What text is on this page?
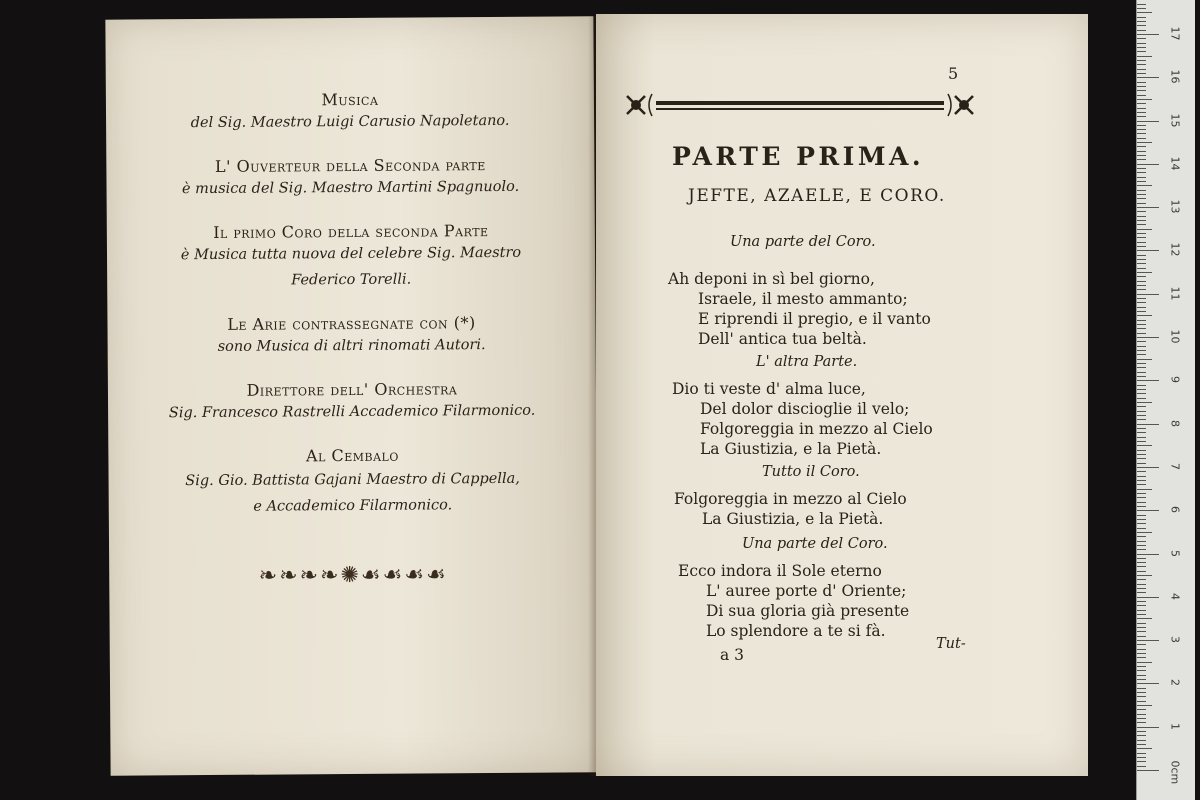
Musica
del Sig. Maestro Luigi Carusio Napoletano.
L' Ouverteur della Seconda parte
è musica del Sig. Maestro Martini Spagnuolo.
Il primo Coro della seconda Parte
è Musica tutta nuova del celebre Sig. Maestro
Federico Torelli.
Le Arie contrassegnate con (*)
sono Musica di altri rinomati Autori.
Direttore dell' Orchestra
Sig. Francesco Rastrelli Accademico Filarmonico.
Al Cembalo
Sig. Gio. Battista Gajani Maestro di Cappella,
e Accademico Filarmonico.
❧❧❧❧✺☙☙☙☙
5
PARTE PRIMA.
JEFTE, AZAELE, E CORO.
Una parte del Coro.
Ah deponi in sì bel giorno,
Israele, il mesto ammanto;
E riprendi il pregio, e il vanto
Dell' antica tua beltà.
L' altra Parte.
Dio ti veste d' alma luce,
Del dolor discioglie il velo;
Folgoreggia in mezzo al Cielo
La Giustizia, e la Pietà.
Tutto il Coro.
Folgoreggia in mezzo al Cielo
La Giustizia, e la Pietà.
Una parte del Coro.
Ecco indora il Sole eterno
L' auree porte d' Oriente;
Di sua gloria già presente
Lo splendore a te si fà.
a 3
Tut-
0cm
1
2
3
4
5
6
7
8
9
10
11
12
13
14
15
16
17
